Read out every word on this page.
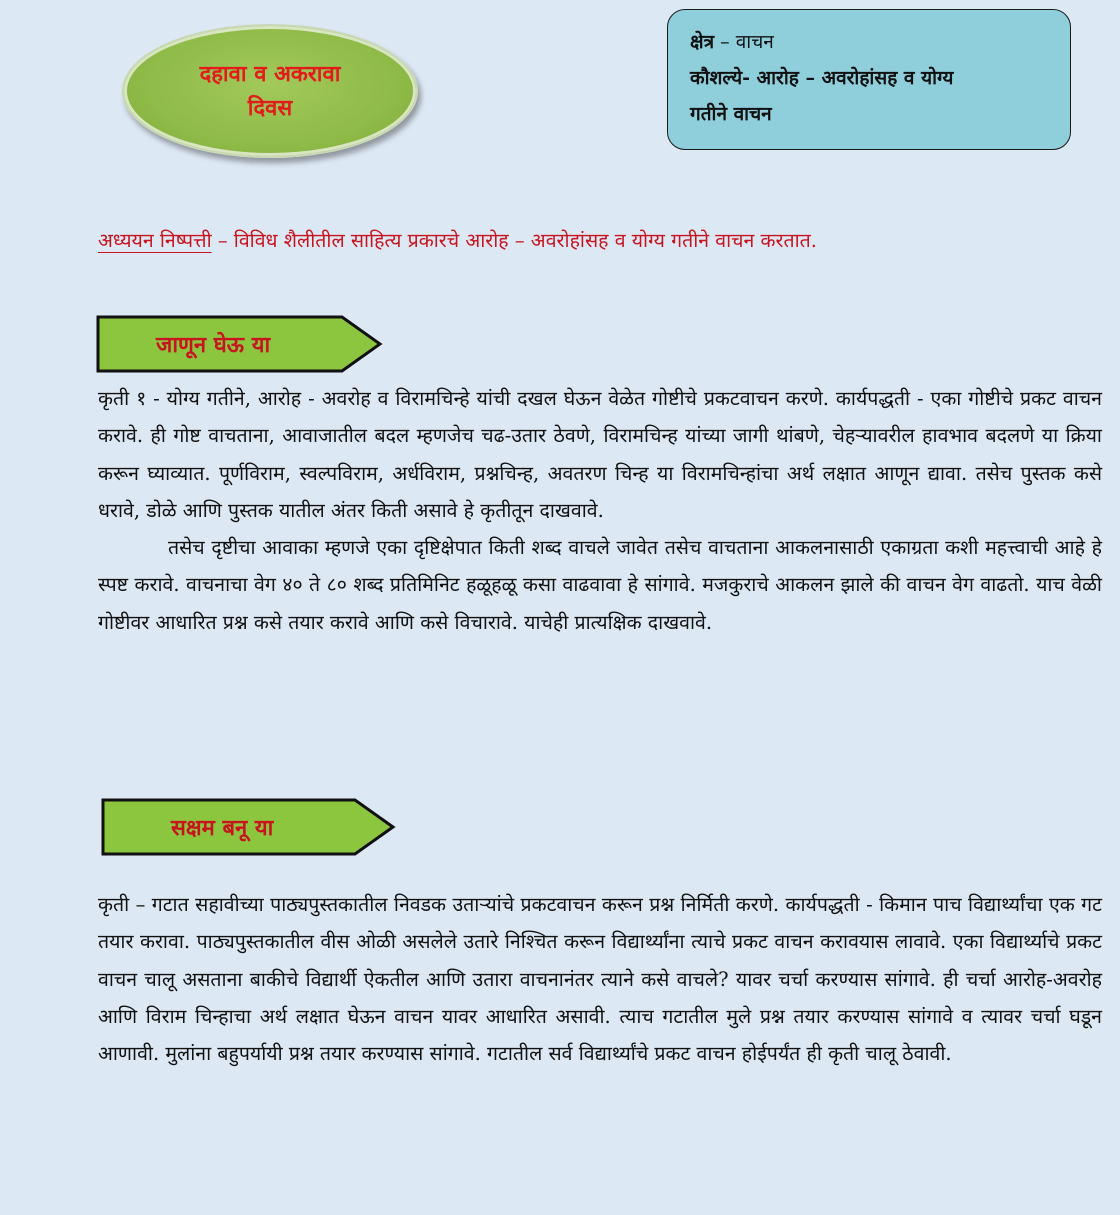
दहावा व अकरावा
दिवस
क्षेत्र – वाचन
कौशल्ये- आरोह – अवरोहांसह व योग्य
गतीने वाचन
अध्ययन निष्पत्ती – विविध शैलीतील साहित्य प्रकारचे आरोह – अवरोहांसह व योग्य गतीने वाचन करतात.
जाणून घेऊ या

कृती १ - योग्य गतीने, आरोह - अवरोह व विरामचिन्हे यांची दखल घेऊन वेळेत गोष्टीचे प्रकटवाचन करणे. कार्यपद्धती - एका गोष्टीचे प्रकट वाचन करावे. ही गोष्ट वाचताना, आवाजातील बदल म्हणजेच चढ-उतार ठेवणे, विरामचिन्ह यांच्या जागी थांबणे, चेहऱ्यावरील हावभाव बदलणे या क्रिया करून घ्याव्यात. पूर्णविराम, स्वल्पविराम, अर्धविराम, प्रश्नचिन्ह, अवतरण चिन्ह या विरामचिन्हांचा अर्थ लक्षात आणून द्यावा. तसेच पुस्तक कसे धरावे, डोळे आणि पुस्तक यातील अंतर किती असावे हे कृतीतून दाखवावे.

तसेच दृष्टीचा आवाका म्हणजे एका दृष्टिक्षेपात किती शब्द वाचले जावेत तसेच वाचताना आकलनासाठी एकाग्रता कशी महत्त्वाची आहे हे स्पष्ट करावे. वाचनाचा वेग ४० ते ८० शब्द प्रतिमिनिट हळूहळू कसा वाढवावा हे सांगावे. मजकुराचे आकलन झाले की वाचन वेग वाढतो. याच वेळी गोष्टीवर आधारित प्रश्न कसे तयार करावे आणि कसे विचारावे. याचेही प्रात्यक्षिक दाखवावे.

सक्षम बनू या

कृती – गटात सहावीच्या पाठ्यपुस्तकातील निवडक उताऱ्यांचे प्रकटवाचन करून प्रश्न निर्मिती करणे. कार्यपद्धती - किमान पाच विद्यार्थ्यांचा एक गट तयार करावा. पाठ्यपुस्तकातील वीस ओळी असलेले उतारे निश्चित करून विद्यार्थ्यांना त्याचे प्रकट वाचन करावयास लावावे. एका विद्यार्थ्याचे प्रकट वाचन चालू असताना बाकीचे विद्यार्थी ऐकतील आणि उतारा वाचनानंतर त्याने कसे वाचले? यावर चर्चा करण्यास सांगावे. ही चर्चा आरोह-अवरोह आणि विराम चिन्हाचा अर्थ लक्षात घेऊन वाचन यावर आधारित असावी. त्याच गटातील मुले प्रश्न तयार करण्यास सांगावे व त्यावर चर्चा घडून आणावी. मुलांना बहुपर्यायी प्रश्न तयार करण्यास सांगावे. गटातील सर्व विद्यार्थ्यांचे प्रकट वाचन होईपर्यंत ही कृती चालू ठेवावी.
